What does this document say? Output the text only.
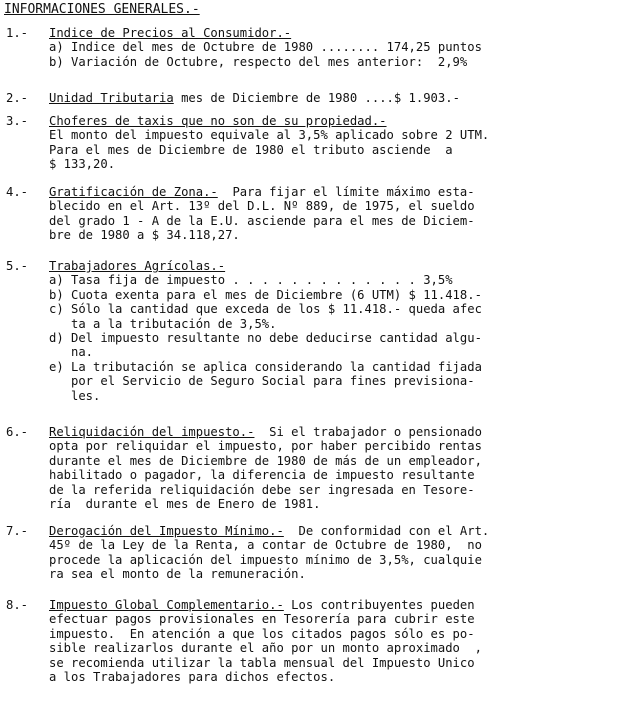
INFORMACIONES GENERALES.-
1.- Indice de Precios al Consumidor.-
a) Indice del mes de Octubre de 1980 ........ 174,25 puntos
b) Variación de Octubre, respecto del mes anterior:  2,9%
2.- Unidad Tributaria mes de Diciembre de 1980 ....$ 1.903.-
3.- Choferes de taxis que no son de su propiedad.-
El monto del impuesto equivale al 3,5% aplicado sobre 2 UTM.
Para el mes de Diciembre de 1980 el tributo asciende  a
$ 133,20.
4.- Gratificación de Zona.-  Para fijar el límite máximo esta-
blecido en el Art. 13º del D.L. Nº 889, de 1975, el sueldo
del grado 1 - A de la E.U. asciende para el mes de Diciem-
bre de 1980 a $ 34.118,27.
5.- Trabajadores Agrícolas.-
a) Tasa fija de impuesto . . . . . . . . . . . . . 3,5%
b) Cuota exenta para el mes de Diciembre (6 UTM) $ 11.418.-
c) Sólo la cantidad que exceda de los $ 11.418.- queda afec
ta a la tributación de 3,5%.
d) Del impuesto resultante no debe deducirse cantidad algu-
na.
e) La tributación se aplica considerando la cantidad fijada
por el Servicio de Seguro Social para fines previsiona-
les.
6.- Reliquidación del impuesto.-  Si el trabajador o pensionado
opta por reliquidar el impuesto, por haber percibido rentas
durante el mes de Diciembre de 1980 de más de un empleador,
habilitado o pagador, la diferencia de impuesto resultante
de la referida reliquidación debe ser ingresada en Tesore-
ría  durante el mes de Enero de 1981.
7.- Derogación del Impuesto Mínimo.-  De conformidad con el Art.
45º de la Ley de la Renta, a contar de Octubre de 1980,  no
procede la aplicación del impuesto mínimo de 3,5%, cualquie
ra sea el monto de la remuneración.
8.- Impuesto Global Complementario.- Los contribuyentes pueden
efectuar pagos provisionales en Tesorería para cubrir este
impuesto.  En atención a que los citados pagos sólo es po-
sible realizarlos durante el año por un monto aproximado  ,
se recomienda utilizar la tabla mensual del Impuesto Unico
a los Trabajadores para dichos efectos.
